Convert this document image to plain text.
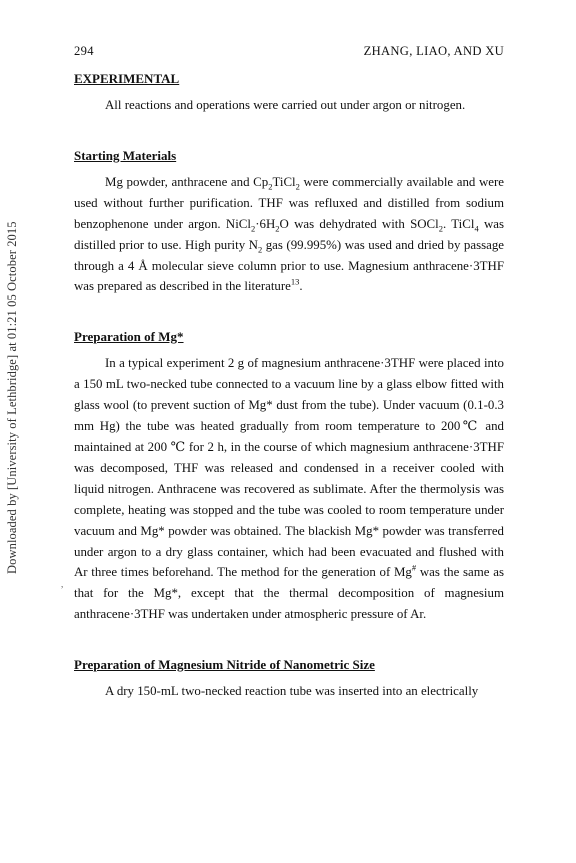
Downloaded by [University of Lethbridge] at 01:21 05 October 2015
294	ZHANG, LIAO, AND XU
EXPERIMENTAL

All reactions and operations were carried out under argon or nitrogen.

Starting Materials

Mg powder, anthracene and $Cp_2TiCl_2$ were commercially available and were used without further purification. THF was refluxed and distilled from sodium benzophenone under argon. $NiCl_2\cdot 6H_2O$ was dehydrated with SOCl$_2$. TiCl$_4$ was distilled prior to use. High purity $N_2$ gas (99.995%) was used and dried by passage through a 4 Å molecular sieve column prior to use. Magnesium anthracene·3THF was prepared as described in the literature$^{13}$.

Preparation of Mg*

In a typical experiment 2 g of magnesium anthracene·3THF were placed into a 150 mL two-necked tube connected to a vacuum line by a glass elbow fitted with glass wool (to prevent suction of Mg* dust from the tube). Under vacuum (0.1-0.3 mm Hg) the tube was heated gradually from room temperature to 200℃ and maintained at 200 ℃ for 2 h, in the course of which magnesium anthracene·3THF was decomposed, THF was released and condensed in a receiver cooled with liquid nitrogen. Anthracene was recovered as sublimate. After the thermolysis was complete, heating was stopped and the tube was cooled to room temperature under vacuum and Mg* powder was obtained. The blackish Mg* powder was transferred under argon to a dry glass container, which had been evacuated and flushed with Ar three times beforehand. The method for the generation of Mg# was the same as that for the Mg*, except that the thermal decomposition of magnesium anthracene·3THF was undertaken under atmospheric pressure of Ar.

Preparation of Magnesium Nitride of Nanometric Size

A dry 150-mL two-necked reaction tube was inserted into an electrically

,
